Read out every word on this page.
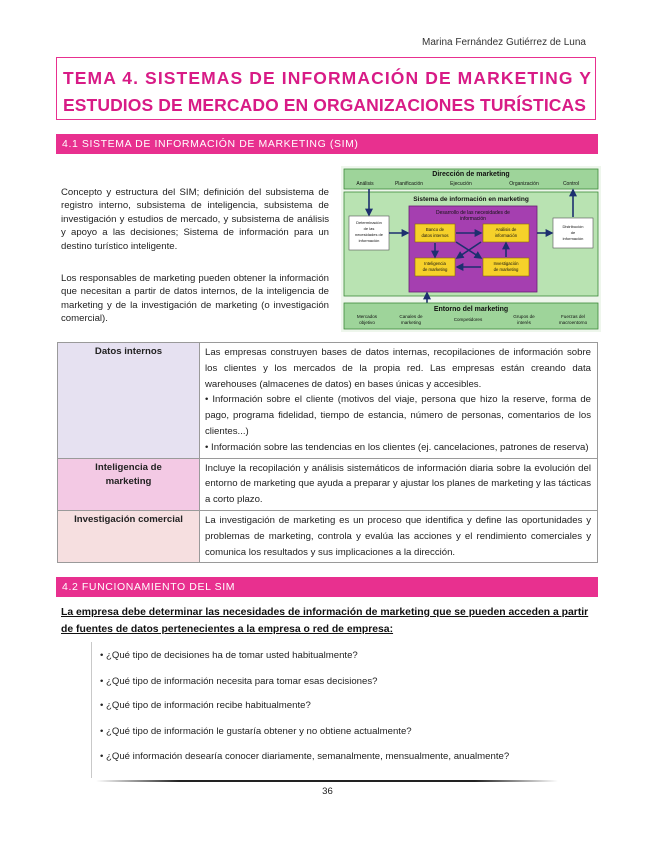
Marina Fernández Gutiérrez de Luna
TEMA 4. SISTEMAS DE INFORMACIÓN DE MARKETING Y
ESTUDIOS DE MERCADO EN ORGANIZACIONES TURÍSTICAS
4.1 SISTEMA DE INFORMACIÓN DE MARKETING (SIM)

Concepto y estructura del SIM; definición del subsistema de registro interno, subsistema de inteligencia, subsistema de investigación y estudios de mercado, y subsistema de análisis y apoyo a las decisiones; Sistema de información para un destino turístico inteligente.

Los responsables de marketing pueden obtener la información que necesitan a partir de datos internos, de la inteligencia de marketing y de la investigación de marketing (o investigación comercial).

Dirección de marketing
Análisis	Planificación	Ejecución	Organización	Control
Sistema de información en marketing
Desarrollo de las necesidades de
información
Banco de
datos internos
Análisis de
información
Inteligencia
de marketing
Investigación
de marketing
Determinación
de las
necesidades de
información
Distribución
de
información
Entorno del marketing
Mercados
objetivo
Canales de
marketing
Competidores
Grupos de
interés
Fuerzas del
macroentorno
Datos internos	Las empresas construyen bases de datos internas, recopilaciones de información sobre los clientes y los mercados de la propia red. Las empresas están creando data warehouses (almacenes de datos) en bases únicas y accesibles.
• Información sobre el cliente (motivos del viaje, persona que hizo la reserve, forma de pago, programa fidelidad, tiempo de estancia, número de personas, comentarios de los clientes...)
• Información sobre las tendencias en los clientes (ej. cancelaciones, patrones de reserva)

Inteligencia de
marketing	Incluye la recopilación y análisis sistemáticos de información diaria sobre la evolución del entorno de marketing que ayuda a preparar y ajustar los planes de marketing y las tácticas a corto plazo.
Investigación comercial	La investigación de marketing es un proceso que identifica y define las oportunidades y problemas de marketing, controla y evalúa las acciones y el rendimiento comerciales y comunica los resultados y sus implicaciones a la dirección.
4.2 FUNCIONAMIENTO DEL SIM

La empresa debe determinar las necesidades de información de marketing que se pueden acceden a partir de fuentes de datos pertenecientes a la empresa o red de empresa:

• ¿Qué tipo de decisiones ha de tomar usted habitualmente?
• ¿Qué tipo de información necesita para tomar esas decisiones?
• ¿Qué tipo de información recibe habitualmente?
• ¿Qué tipo de información le gustaría obtener y no obtiene actualmente?
• ¿Qué información desearía conocer diariamente, semanalmente, mensualmente, anualmente?
36
